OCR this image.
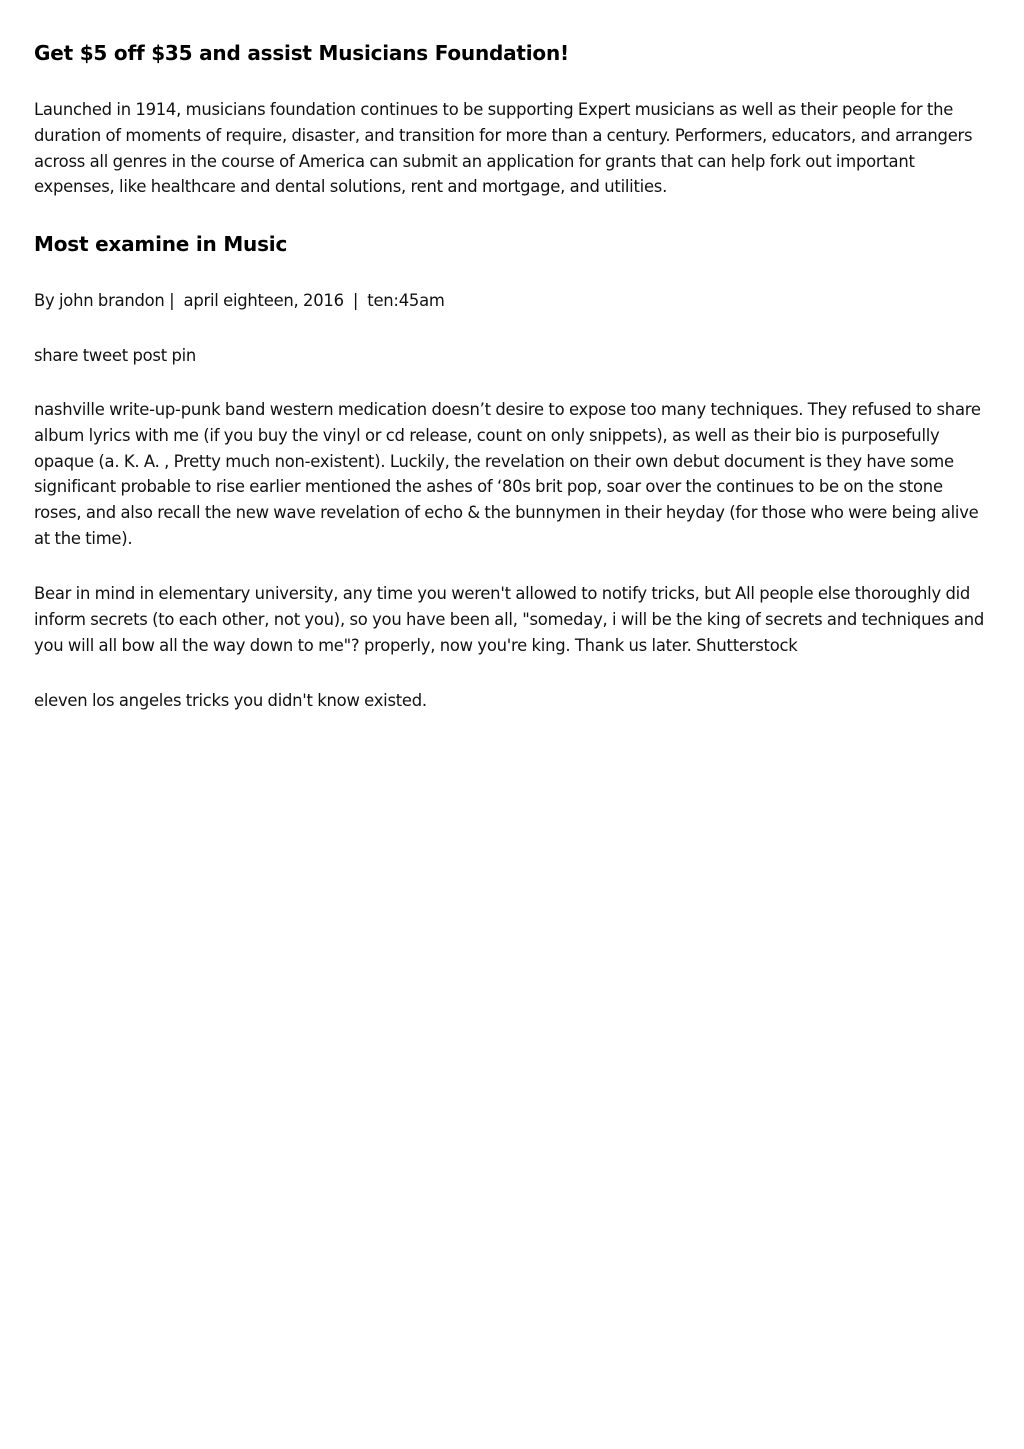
Get $5 off $35 and assist Musicians Foundation!

Launched in 1914, musicians foundation continues to be supporting Expert musicians as well as their people for the duration of moments of require, disaster, and transition for more than a century. Performers, educators, and arrangers across all genres in the course of America can submit an application for grants that can help fork out important expenses, like healthcare and dental solutions, rent and mortgage, and utilities.

Most examine in Music

By john brandon |  april eighteen, 2016  |  ten:45am

share tweet post pin

nashville write-up-punk band western medication doesn’t desire to expose too many techniques. They refused to share album lyrics with me (if you buy the vinyl or cd release, count on only snippets), as well as their bio is purposefully opaque (a. K. A. , Pretty much non-existent). Luckily, the revelation on their own debut document is they have some significant probable to rise earlier mentioned the ashes of ‘80s brit pop, soar over the continues to be on the stone roses, and also recall the new wave revelation of echo & the bunnymen in their heyday (for those who were being alive at the time).

Bear in mind in elementary university, any time you weren't allowed to notify tricks, but All people else thoroughly did inform secrets (to each other, not you), so you have been all, "someday, i will be the king of secrets and techniques and you will all bow all the way down to me"? properly, now you're king. Thank us later. Shutterstock

eleven los angeles tricks you didn't know existed.
